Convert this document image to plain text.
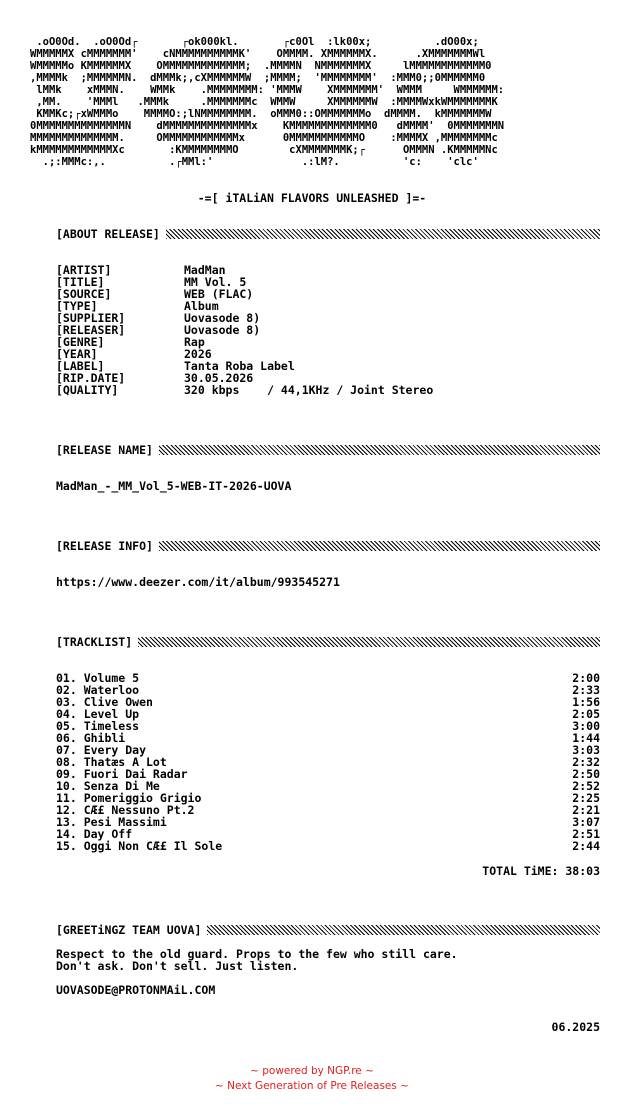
.oO0Od.  .oO0Od┌       ┌ok000kl.       ┌c0Ol  :lk00x;          .dO00x;
WMMMMMX cMMMMMMM'    cNMMMMMMMMMMK'    OMMMM. XMMMMMMX.      .XMMMMMMMWl
WMMMMMo KMMMMMMX    OMMMMMMMMMMMMM;  .MMMMN  NMMMMMMMX     lMMMMMMMMMMMM0
,MMMMk  ;MMMMMMN.  dMMMk;,cXMMMMMMW  ;MMMM;  'MMMMMMMM'  :MMM0;;0MMMMMM0
lMMk    xMMMN.    WMMk    .MMMMMMMM: 'MMMW    XMMMMMMM'  WMMM     WMMMMMM:
,MM.    'MMMl   .MMMk     .MMMMMMMc  WMMW     XMMMMMMW  :MMMMWxkWMMMMMMMK
KMMKc;┌xWMMMo    MMMMO:;lNMMMMMMMM.  oMMM0::OMMMMMMMo  dMMMM.  kMMMMMMMW
0MMMMMMMMMMMMMMN    dMMMMMMMMMMMMMMx    KMMMMMMMMMMMMM0   dMMMM'  0MMMMMMMN
MMMMMMMMMMMMMM.     OMMMMMMMMMMMMx      0MMMMMMMMMMMO    :MMMMX ,MMMMMMMMc
kMMMMMMMMMMMMXc       :KMMMMMMMMO        cXMMMMMMMK;┌      OMMMN .KMMMMMNc
.;:MMMc:,.          .┌MMl:'              .:lM?.          'c:    'clc'
-=[ iTALiAN FLAVORS UNLEASHED ]=-
[ABOUT RELEASE]
[ARTIST]	MadMan
[TITLE]	MM Vol. 5
[SOURCE]	WEB (FLAC)
[TYPE]	Album
[SUPPLIER]	Uovasode 8)
[RELEASER]	Uovasode 8)
[GENRE]	Rap
[YEAR]	2026
[LABEL]	Tanta Roba Label
[RIP.DATE]	30.05.2026
[QUALITY]	320 kbps    / 44,1KHz / Joint Stereo
[RELEASE NAME]
MadMan_-_MM_Vol_5-WEB-IT-2026-UOVA
[RELEASE INFO]
https://www.deezer.com/it/album/993545271
[TRACKLIST]
01. Volume 5	2:00
02. Waterloo	2:33
03. Clive Owen	1:56
04. Level Up	2:05
05. Timeless	3:00
06. Ghibli	1:44
07. Every Day	3:03
08. Thatæs A Lot	2:32
09. Fuori Dai Radar	2:50
10. Senza Di Me	2:52
11. Pomeriggio Grigio	2:25
12. CÆ£ Nessuno Pt.2	2:21
13. Pesi Massimi	3:07
14. Day Off	2:51
15. Oggi Non CÆ£ Il Sole	2:44
TOTAL TiME: 38:03
[GREETiNGZ TEAM UOVA]
Respect to the old guard. Props to the few who still care.
Don't ask. Don't sell. Just listen.
UOVASODE@PROTONMAiL.COM
06.2025
~ powered by NGP.re ~
~ Next Generation of Pre Releases ~
